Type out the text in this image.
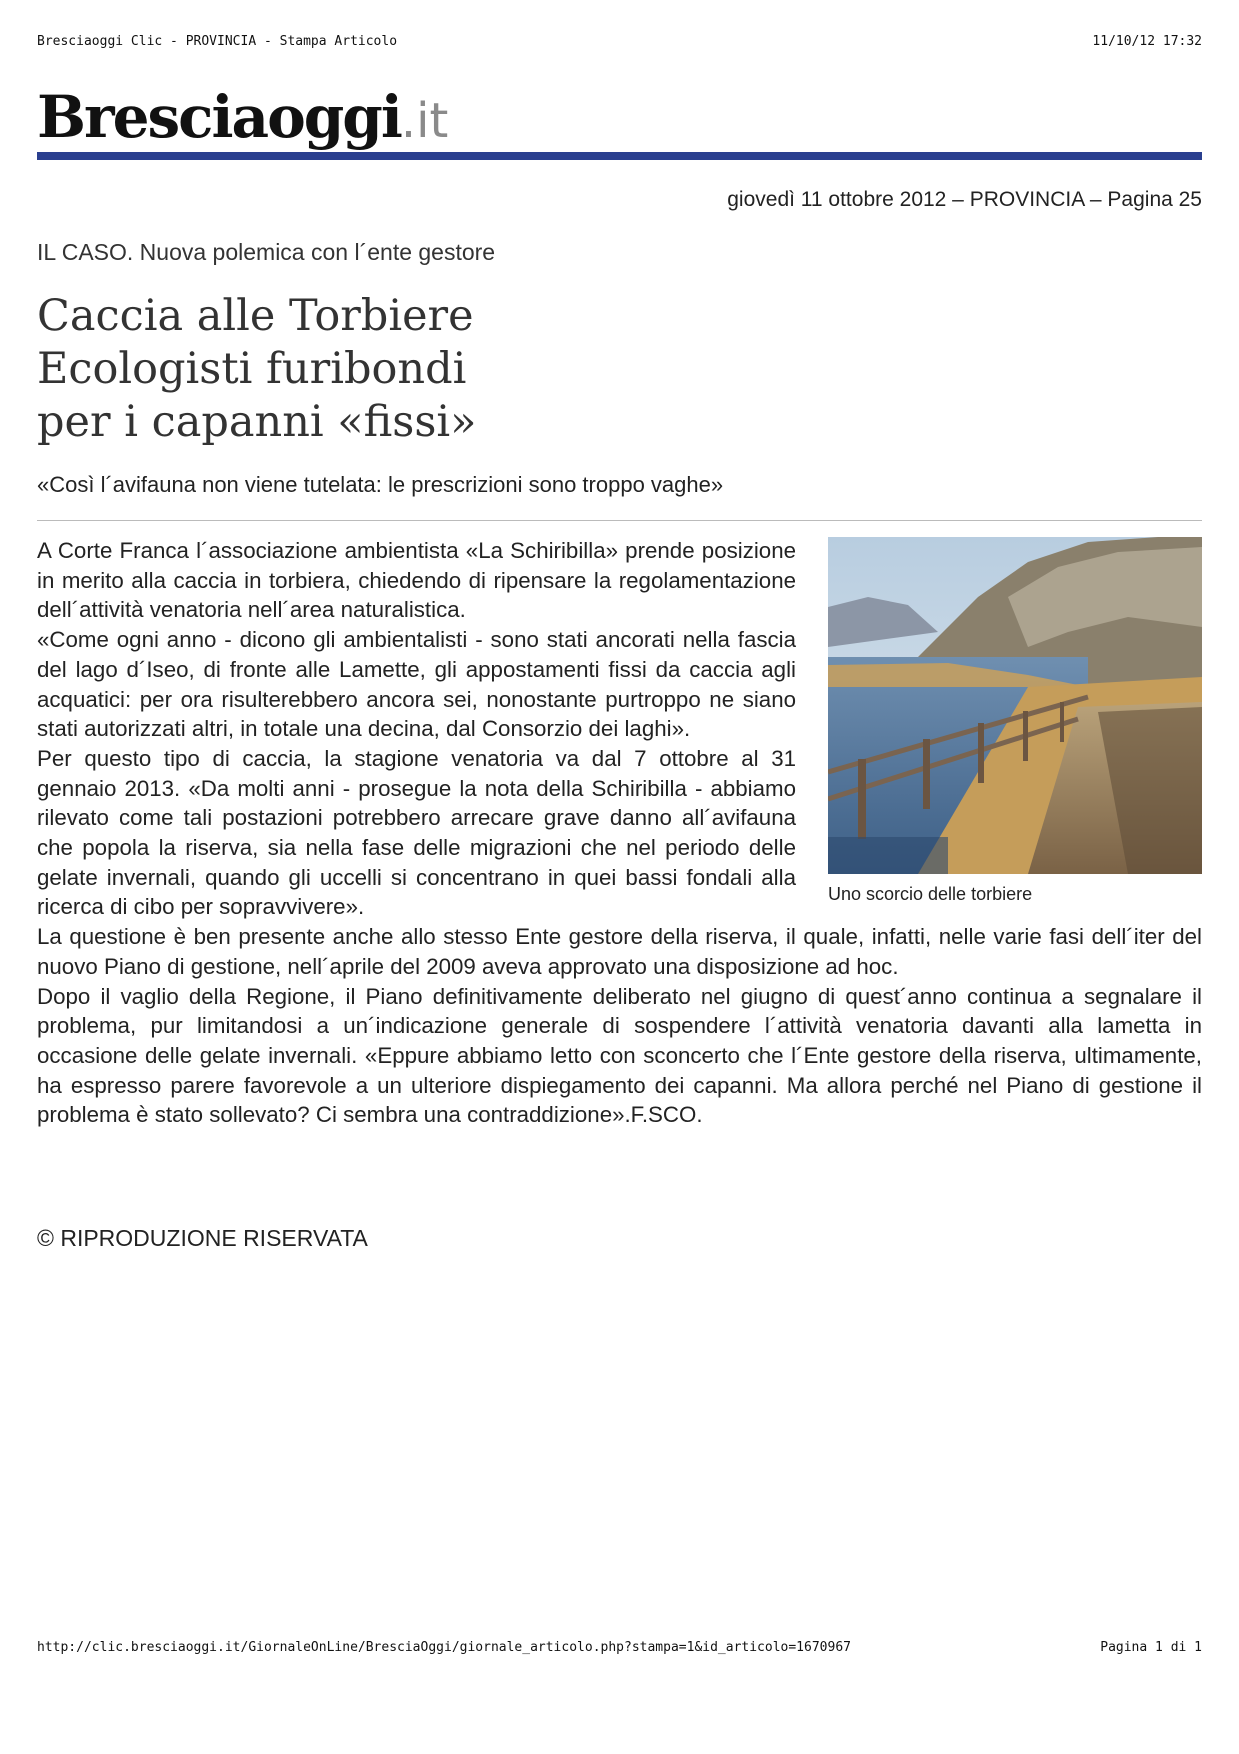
Bresciaoggi Clic - PROVINCIA - Stampa Articolo	11/10/12 17:32
Bresciaoggi.it
giovedì 11 ottobre 2012 – PROVINCIA – Pagina 25
IL CASO. Nuova polemica con l´ente gestore
Caccia alle Torbiere
Ecologisti furibondi
per i capanni «fissi»
«Così l´avifauna non viene tutelata: le prescrizioni sono troppo vaghe»
Uno scorcio delle torbiere

A Corte Franca l´associazione ambientista «La Schiribilla» prende posizione in merito alla caccia in torbiera, chiedendo di ripensare la regolamentazione dell´attività venatoria nell´area naturalistica.

«Come ogni anno - dicono gli ambientalisti - sono stati ancorati nella fascia del lago d´Iseo, di fronte alle Lamette, gli appostamenti fissi da caccia agli acquatici: per ora risulterebbero ancora sei, nonostante purtroppo ne siano stati autorizzati altri, in totale una decina, dal Consorzio dei laghi».

Per questo tipo di caccia, la stagione venatoria va dal 7 ottobre al 31 gennaio 2013. «Da molti anni - prosegue la nota della Schiribilla - abbiamo rilevato come tali postazioni potrebbero arrecare grave danno all´avifauna che popola la riserva, sia nella fase delle migrazioni che nel periodo delle gelate invernali, quando gli uccelli si concentrano in quei bassi fondali alla ricerca di cibo per sopravvivere».

La questione è ben presente anche allo stesso Ente gestore della riserva, il quale, infatti, nelle varie fasi dell´iter del nuovo Piano di gestione, nell´aprile del 2009 aveva approvato una disposizione ad hoc.

Dopo il vaglio della Regione, il Piano definitivamente deliberato nel giugno di quest´anno continua a segnalare il problema, pur limitandosi a un´indicazione generale di sospendere l´attività venatoria davanti alla lametta in occasione delle gelate invernali. «Eppure abbiamo letto con sconcerto che l´Ente gestore della riserva, ultimamente, ha espresso parere favorevole a un ulteriore dispiegamento dei capanni. Ma allora perché nel Piano di gestione il problema è stato sollevato? Ci sembra una contraddizione».F.SCO.

© RIPRODUZIONE RISERVATA
http://clic.bresciaoggi.it/GiornaleOnLine/BresciaOggi/giornale_articolo.php?stampa=1&id_articolo=1670967	Pagina 1 di 1
